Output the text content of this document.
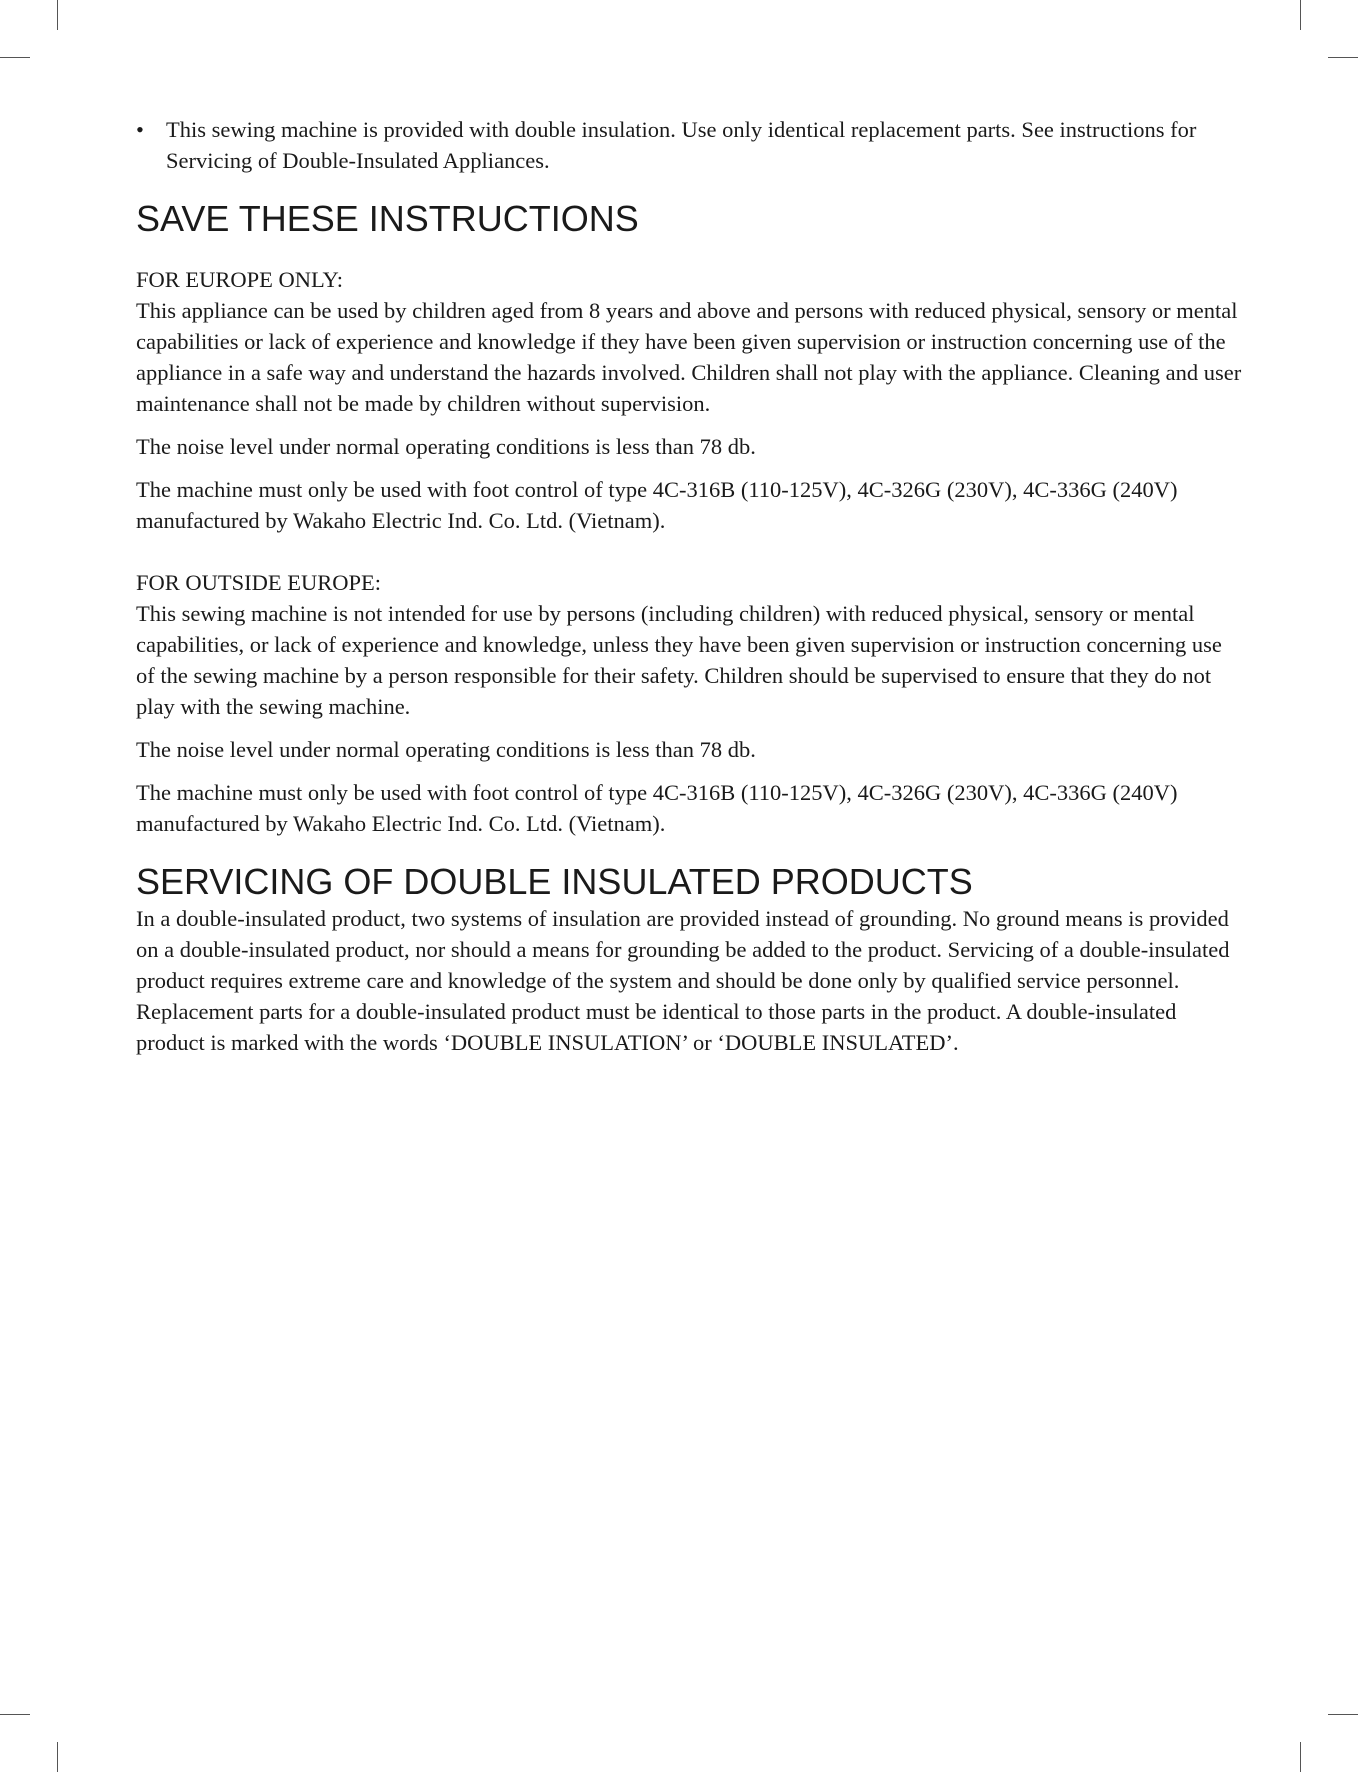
• This sewing machine is provided with double insulation. Use only identical replacement parts. See instructions for Servicing of Double-Insulated Appliances.
SAVE THESE INSTRUCTIONS

FOR EUROPE ONLY:

This appliance can be used by children aged from 8 years and above and persons with reduced physical, sensory or mental capabilities or lack of experience and knowledge if they have been given supervision or instruction concerning use of the appliance in a safe way and understand the hazards involved. Children shall not play with the appliance. Cleaning and user maintenance shall not be made by children without supervision.

The noise level under normal operating conditions is less than 78 db.

The machine must only be used with foot control of type 4C-316B (110-125V), 4C-326G (230V), 4C-336G (240V) manufactured by Wakaho Electric Ind. Co. Ltd. (Vietnam).

FOR OUTSIDE EUROPE:

This sewing machine is not intended for use by persons (including children) with reduced physical, sensory or mental capabilities, or lack of experience and knowledge, unless they have been given supervision or instruction concerning use of the sewing machine by a person responsible for their safety. Children should be supervised to ensure that they do not play with the sewing machine.

The noise level under normal operating conditions is less than 78 db.

The machine must only be used with foot control of type 4C-316B (110-125V), 4C-326G (230V), 4C-336G (240V) manufactured by Wakaho Electric Ind. Co. Ltd. (Vietnam).

SERVICING OF DOUBLE INSULATED PRODUCTS

In a double-insulated product, two systems of insulation are provided instead of grounding. No ground means is provided on a double-insulated product, nor should a means for grounding be added to the product. Servicing of a double-insulated product requires extreme care and knowledge of the system and should be done only by qualified service personnel. Replacement parts for a double-insulated product must be identical to those parts in the product. A double-insulated product is marked with the words ‘DOUBLE INSULATION’ or ‘DOUBLE INSULATED’.
